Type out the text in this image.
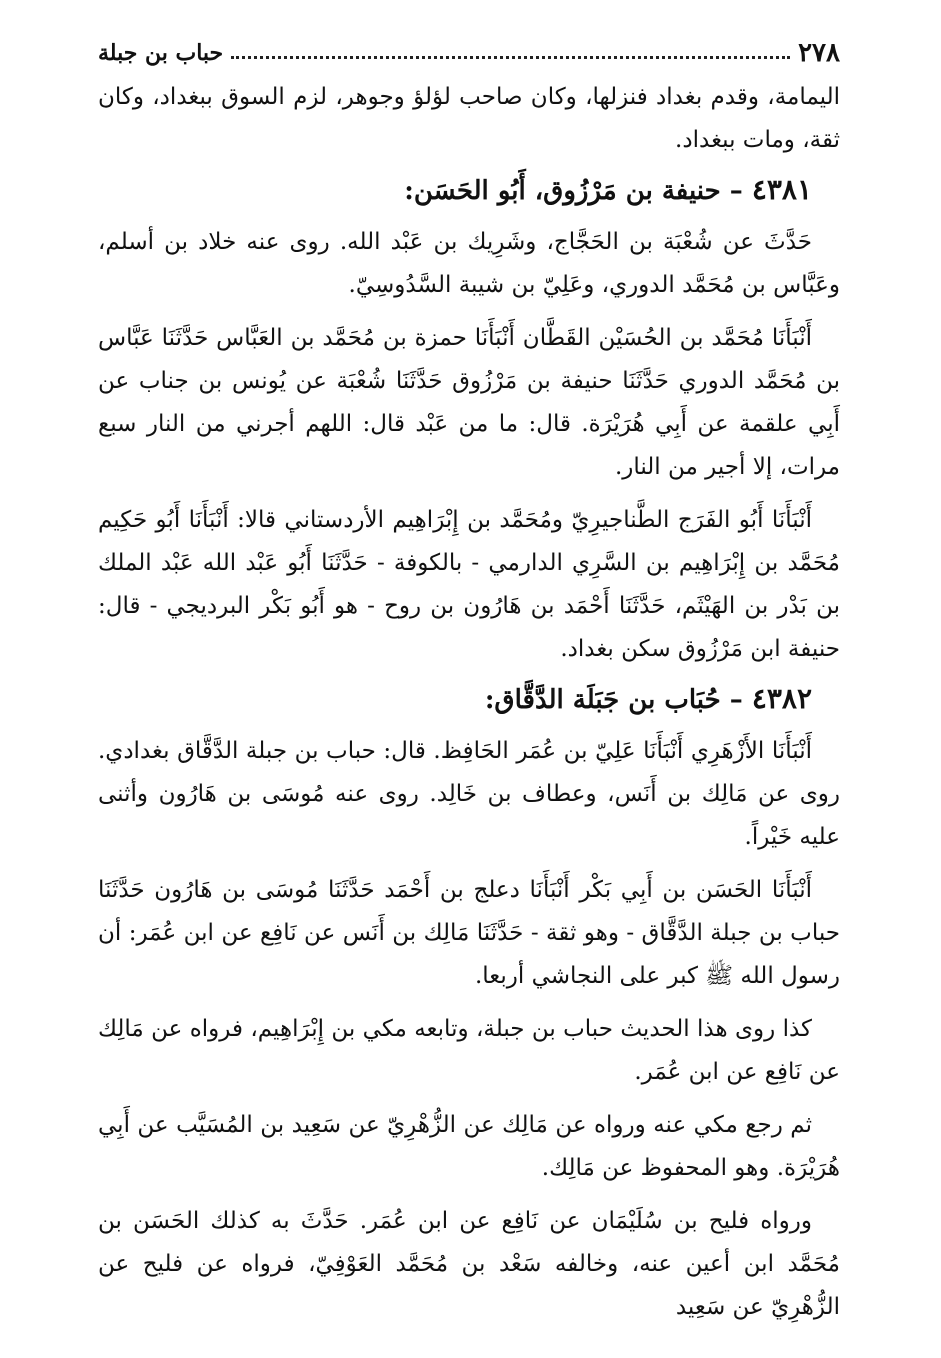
٢٧٨
حباب بن جبلة

اليمامة، وقدم بغداد فنزلها، وكان صاحب لؤلؤ وجوهر، لزم السوق ببغداد، وكان ثقة، ومات ببغداد.

٤٣٨١ – حنيفة بن مَرْزُوق، أَبُو الحَسَن:

حَدَّثَ عن شُعْبَة بن الحَجَّاج، وشَرِيك بن عَبْد الله. روى عنه خلاد بن أسلم، وعَبَّاس بن مُحَمَّد الدوري، وعَلِيّ بن شيبة السَّدُوسِيّ.

أَنْبَأَنَا مُحَمَّد بن الحُسَيْن القَطَّان أَنْبَأَنَا حمزة بن مُحَمَّد بن العَبَّاس حَدَّثَنَا عَبَّاس بن مُحَمَّد الدوري حَدَّثَنَا حنيفة بن مَرْزُوق حَدَّثَنَا شُعْبَة عن يُونس بن جناب عن أَبِي علقمة عن أَبِي هُرَيْرَة. قال: ما من عَبْد قال: اللهم أجرني من النار سبع مرات، إلا أجير من النار.

أَنْبَأَنَا أَبُو الفَرَج الطَّناجيرِيّ ومُحَمَّد بن إِبْرَاهِيم الأردستاني قالا: أَنْبَأَنَا أَبُو حَكِيم مُحَمَّد بن إِبْرَاهِيم بن السَّرِي الدارمي - بالكوفة - حَدَّثَنَا أَبُو عَبْد الله عَبْد الملك بن بَدْر بن الهَيْثَم، حَدَّثَنَا أَحْمَد بن هَارُون بن روح - هو أَبُو بَكْر البرديجي - قال: حنيفة ابن مَرْزُوق سكن بغداد.

٤٣٨٢ – حُبَاب بن جَبَلَة الدَّقَّاق:

أَنْبَأَنَا الأَزْهَرِي أَنْبَأَنَا عَلِيّ بن عُمَر الحَافِظ. قال: حباب بن جبلة الدَّقَّاق بغدادي. روى عن مَالِك بن أَنَس، وعطاف بن خَالِد. روى عنه مُوسَى بن هَارُون وأثنى عليه خَيْراً.

أَنْبَأَنَا الحَسَن بن أَبِي بَكْر أَنْبَأَنَا دعلج بن أَحْمَد حَدَّثَنَا مُوسَى بن هَارُون حَدَّثَنَا حباب بن جبلة الدَّقَّاق - وهو ثقة - حَدَّثَنَا مَالِك بن أَنَس عن نَافِع عن ابن عُمَر: أن رسول الله ﷺ كبر على النجاشي أربعا.

كذا روى هذا الحديث حباب بن جبلة، وتابعه مكي بن إِبْرَاهِيم، فرواه عن مَالِك عن نَافِع عن ابن عُمَر.

ثم رجع مكي عنه ورواه عن مَالِك عن الزُّهْرِيّ عن سَعِيد بن المُسَيَّب عن أَبِي هُرَيْرَة. وهو المحفوظ عن مَالِك.

ورواه فليح بن سُلَيْمَان عن نَافِع عن ابن عُمَر. حَدَّثَ به كذلك الحَسَن بن مُحَمَّد ابن أعين عنه، وخالفه سَعْد بن مُحَمَّد العَوْفِيّ، فرواه عن فليح عن الزُّهْرِيّ عن سَعِيد
